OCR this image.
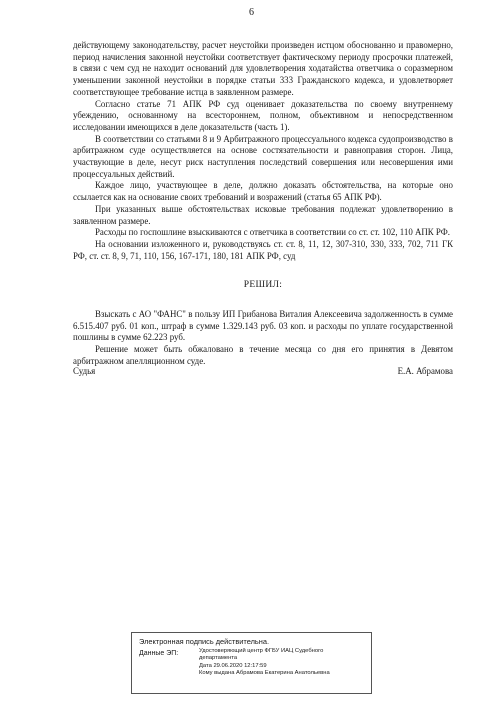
6

действующему законодательству, расчет неустойки произведен истцом обоснованно и правомерно, период начисления законной неустойки соответствует фактическому периоду просрочки платежей, в связи с чем суд не находит оснований для удовлетворения ходатайства ответчика о соразмерном уменьшении законной неустойки в порядке статьи 333 Гражданского кодекса, и удовлетворяет соответствующее требование истца в заявленном размере.

Согласно статье 71 АПК РФ суд оценивает доказательства по своему внутреннему убеждению, основанному на всестороннем, полном, объективном и непосредственном исследовании имеющихся в деле доказательств (часть 1).

В соответствии со статьями 8 и 9 Арбитражного процессуального кодекса судопроизводство в арбитражном суде осуществляется на основе состязательности и равноправия сторон. Лица, участвующие в деле, несут риск наступления последствий совершения или несовершения ими процессуальных действий.

Каждое лицо, участвующее в деле, должно доказать обстоятельства, на которые оно ссылается как на основание своих требований и возражений (статья 65 АПК РФ).

При указанных выше обстоятельствах исковые требования подлежат удовлетворению в заявленном размере.

Расходы по госпошлине взыскиваются с ответчика в соответствии со ст. ст. 102, 110 АПК РФ.

На основании изложенного и, руководствуясь ст. ст. 8, 11, 12, 307-310, 330, 333, 702, 711 ГК РФ, ст. ст. 8, 9, 71, 110, 156, 167-171, 180, 181 АПК РФ, суд

РЕШИЛ:

Взыскать с АО "ФАНС" в пользу ИП Грибанова Виталия Алексеевича задолженность в сумме 6.515.407 руб. 01 коп., штраф в сумме 1.329.143 руб. 03 коп. и расходы по уплате государственной пошлины в сумме 62.223 руб.

Решение может быть обжаловано в течение месяца со дня его принятия в Девятом арбитражном апелляционном суде.

Судья	Е.А. Абрамова
Электронная подпись действительна.
Данные ЭП:	Удостоверяющий центр ФГБУ ИАЦ Судебного
департамента
Дата 29.06.2020 12:17:59
Кому выдана Абрамова Екатерина Анатольевна
